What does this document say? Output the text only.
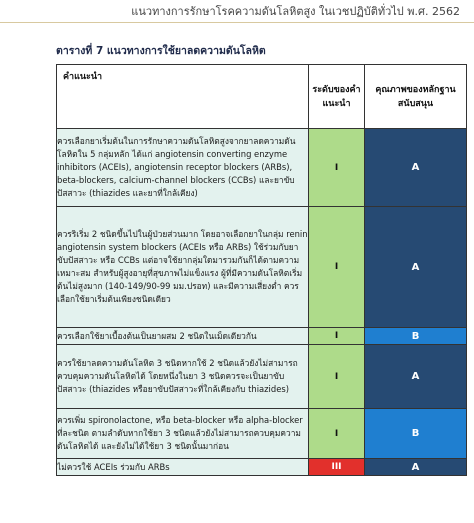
แนวทางการรักษาโรคความดันโลหิตสูง ในเวชปฏิบัติทั่วไป พ.ศ. 2562
ตารางที่ 7 แนวทางการใช้ยาลดความดันโลหิต
คำแนะนำ	ระดับของคำแนะนำ	คุณภาพของหลักฐานสนับสนุน
ควรเลือกยาเริ่มต้นในการรักษาความดันโลหิตสูงจากยาลดความดันโลหิตใน 5 กลุ่มหลัก ได้แก่ angiotensin converting enzyme inhibitors (ACEIs), angiotensin receptor blockers (ARBs), beta-blockers, calcium-channel blockers (CCBs) และยาขับปัสสาวะ (thiazides และยาที่ใกล้เคียง)	I	A
ควรริเริ่ม 2 ชนิดขึ้นไปในผู้ป่วยส่วนมาก โดยอาจเลือกยาในกลุ่ม renin angiotensin system blockers (ACEIs หรือ ARBs) ใช้ร่วมกับยาขับปัสสาวะ หรือ CCBs แต่อาจใช้ยากลุ่มใดมารวมกันก็ได้ตามความเหมาะสม สำหรับผู้สูงอายุที่สุขภาพไม่แข็งแรง ผู้ที่มีความดันโลหิตเริ่มต้นไม่สูงมาก (140-149/90-99 มม.ปรอท) และมีความเสี่ยงต่ำ ควรเลือกใช้ยาเริ่มต้นเพียงชนิดเดียว	I	A
ควรเลือกใช้ยาเบื้องต้นเป็นยาผสม 2 ชนิดในเม็ดเดียวกัน	I	B
ควรใช้ยาลดความดันโลหิต 3 ชนิดหากใช้ 2 ชนิดแล้วยังไม่สามารถควบคุมความดันโลหิตได้ โดยหนึ่งในยา 3 ชนิดควรจะเป็นยาขับปัสสาวะ (thiazides หรือยาขับปัสสาวะที่ใกล้เคียงกับ thiazides)	I	A
ควรเพิ่ม spironolactone, หรือ beta-blocker หรือ alpha-blocker ที่ละชนิด ตามลำดับหากใช้ยา 3 ชนิดแล้วยังไม่สามารถควบคุมความดันโลหิตได้ และยังไม่ได้ใช้ยา 3 ชนิดนั้นมาก่อน	I	B
ไม่ควรใช้ ACEIs ร่วมกับ ARBs	III	A
